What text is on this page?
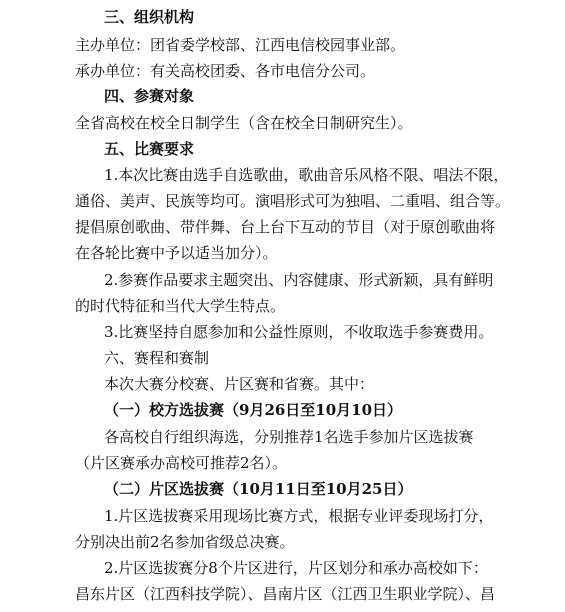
三、组织机构
主办单位：团省委学校部、江西电信校园事业部。
承办单位：有关高校团委、各市电信分公司。
四、参赛对象
全省高校在校全日制学生（含在校全日制研究生）。
五、比赛要求
1.本次比赛由选手自选歌曲，歌曲音乐风格不限、唱法不限，
通俗、美声、民族等均可。演唱形式可为独唱、二重唱、组合等。
提倡原创歌曲、带伴舞、台上台下互动的节目（对于原创歌曲将
在各轮比赛中予以适当加分）。
2.参赛作品要求主题突出、内容健康、形式新颖，具有鲜明
的时代特征和当代大学生特点。
3.比赛坚持自愿参加和公益性原则，不收取选手参赛费用。
六、赛程和赛制
本次大赛分校赛、片区赛和省赛。其中：
（一）校方选拔赛（9月26日至10月10日）
各高校自行组织海选，分别推荐1名选手参加片区选拔赛
（片区赛承办高校可推荐2名）。
（二）片区选拔赛（10月11日至10月25日）
1.片区选拔赛采用现场比赛方式，根据专业评委现场打分，
分别决出前2名参加省级总决赛。
2.片区选拔赛分8个片区进行，片区划分和承办高校如下：
昌东片区（江西科技学院）、昌南片区（江西卫生职业学院）、昌
